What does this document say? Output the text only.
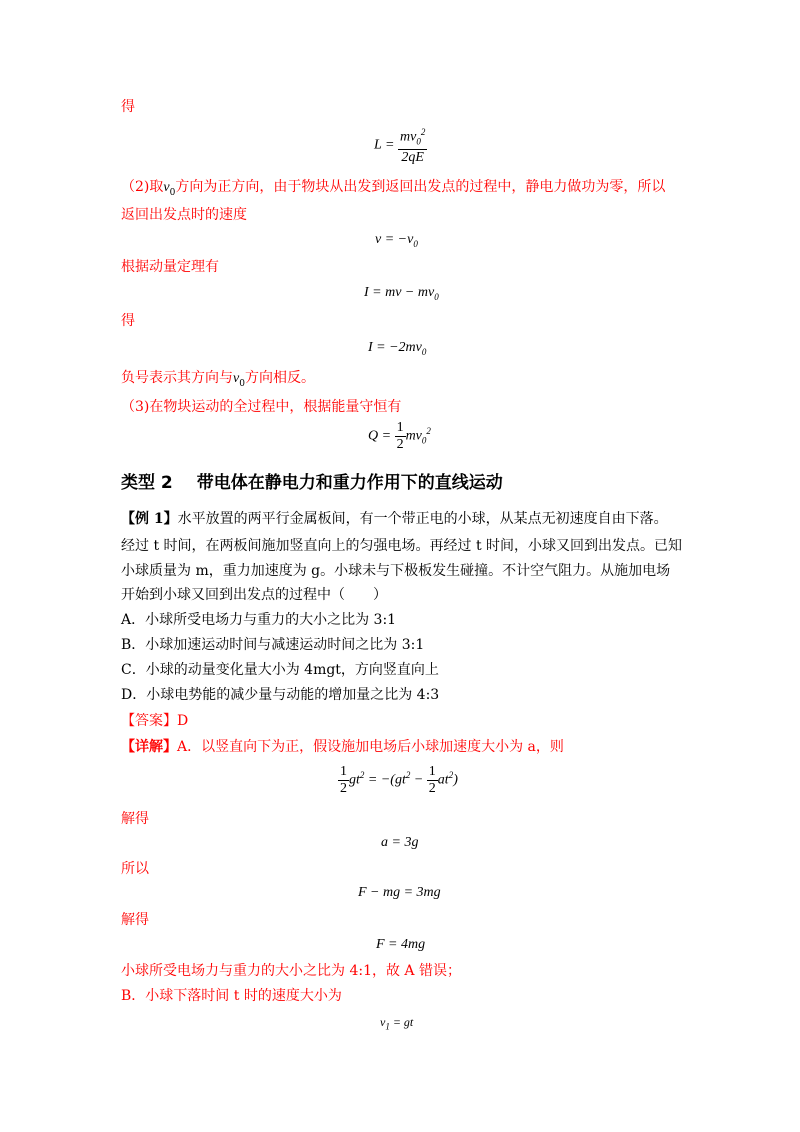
得
$L = \frac{mv_0^2}{2qE}$
（2)取$v_0$方向为正方向，由于物块从出发到返回出发点的过程中，静电力做功为零，所以
返回出发点时的速度
$v = -v_0$
根据动量定理有
I = mv − $mv_0$
得
$I = -2mv_0$
负号表示其方向与$v_0$方向相反。
（3)在物块运动的全过程中，根据能量守恒有
$Q = \frac{1}{2} mv_0^2$
类型 2 带电体在静电力和重力作用下的直线运动
【例 1】水平放置的两平行金属板间，有一个带正电的小球，从某点无初速度自由下落。
经过 t 时间，在两板间施加竖直向上的匀强电场。再经过 t 时间，小球又回到出发点。已知
小球质量为 m，重力加速度为 g。小球未与下极板发生碰撞。不计空气阻力。从施加电场
开始到小球又回到出发点的过程中（　　）
A．小球所受电场力与重力的大小之比为 3:1
B．小球加速运动时间与减速运动时间之比为 3:1
C．小球的动量变化量大小为 4mgt，方向竖直向上
D．小球电势能的减少量与动能的增加量之比为 4:3
【答案】D
【详解】A．以竖直向下为正，假设施加电场后小球加速度大小为 a，则
$\frac{1}{2} gt^2 = -(gt^2 - \frac{1}{2} at^2)$
解得
a = 3g
所以
F − mg = 3mg
解得
F = 4mg
小球所受电场力与重力的大小之比为 4:1，故 A 错误；
B．小球下落时间 t 时的速度大小为
$v_1$ = gt
